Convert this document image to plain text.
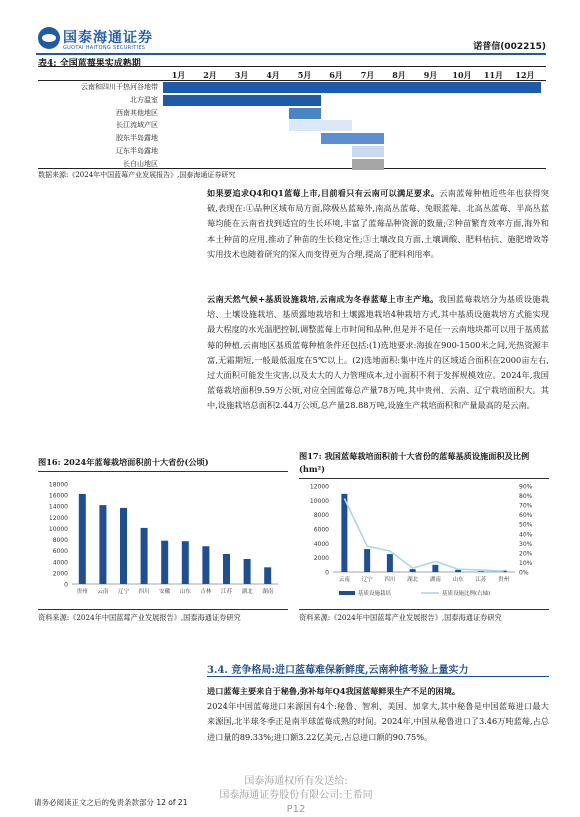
国泰海通证券
GUOTAI HAITONG SECURITIES	诺普信(002215)
表4: 全国蓝莓果实成熟期
1月	2月	3月	4月	5月	6月	7月	8月	9月	10月	11月	12月
云南和四川干热河谷地带
北方温室
西南其他地区
长江流域产区
胶东半岛露地
辽东半岛露地
长白山地区
数据来源:《2024年中国蓝莓产业发展报告》,国泰海通证券研究
如果要追求Q4和Q1蓝莓上市,目前看只有云南可以满足要求。云南蓝莓种植近些年也获得突破,表现在:①品种区域布局方面,除极丛蓝莓外,南高丛蓝莓、兔眼蓝莓、北高丛蓝莓、半高丛蓝莓均能在云南省找到适宜的生长环境,丰富了蓝莓品种资源的数量;②种苗繁育效率方面,海外和本土种苗的应用,推动了种苗的生长稳定性;③土壤改良方面,土壤调酸、肥料枯抗、施肥增效等实用技术也随着研究的深入而变得更为合理,提高了肥料利用率。
云南天然气候+基质设施栽培,云南成为冬春蓝莓上市主产地。我国蓝莓栽培分为基质设施栽培、土壤设施栽培、基质露地栽培和土壤露地栽培4种栽培方式,其中基质设施栽培方式能实现最大程度的水光温肥控制,调整蓝莓上市时间和品种,但是并不是任一云南地块都可以用于基质蓝莓的种植,云南地区基质蓝莓种植条件还包括:(1)选地要求:海拔在900-1500米之间,光热资源丰富,无霜期短,一般最低温度在5℃以上。(2)选地面积:集中连片的区域适合面积在2000亩左右,过大面积可能发生灾害,以及太大的人力管理成本,过小面积不利于发挥规模效应。2024年,我国蓝莓栽培面积9.59万公顷,对应全国蓝莓总产量78万吨,其中贵州、云南、辽宁栽培面积大。其中,设施栽培总面积2.44万公顷,总产量28.88万吨,设施生产栽培面积和产量最高的是云南。
图16: 2024年蓝莓栽培面积前十大省份(公顷)
0
2000
4000
6000
8000
10000
12000
14000
16000
18000
贵州 云南 辽宁 四川 安徽 山东 吉林 江苏 湖北 湖南
资料来源:《2024年中国蓝莓产业发展报告》,国泰海通证券研究
图17: 我国蓝莓栽培面积前十大省份的蓝莓基质设施面积及比例(hm²)
0
2000
4000
6000
8000
10000
12000
0%
10%
20%
30%
40%
50%
60%
70%
80%
90%
云南 辽宁 四川 湖北 湖南 山东 江苏 贵州
基质设施栽培	基质设施比例(右轴)
资料来源:《2024年中国蓝莓产业发展报告》,国泰海通证券研究
3.4. 竞争格局:进口蓝莓难保新鲜度,云南种植考验上量实力
进口蓝莓主要来自于秘鲁,弥补每年Q4我国蓝莓鲜果生产不足的困境。
2024年中国蓝莓进口来源国有4个:秘鲁、智利、美国、加拿大,其中秘鲁是中国蓝莓进口最大来源国,北半球冬季正是南半球蓝莓成熟的时间。2024年,中国从秘鲁进口了3.46万吨蓝莓,占总进口量的89.33%;进口额3.22亿美元,占总进口额的90.75%。
国泰海通权所有发送给:
国泰海通证券股份有限公司:王希同 P12
请务必阅读正文之后的免责条款部分 12 of 21
